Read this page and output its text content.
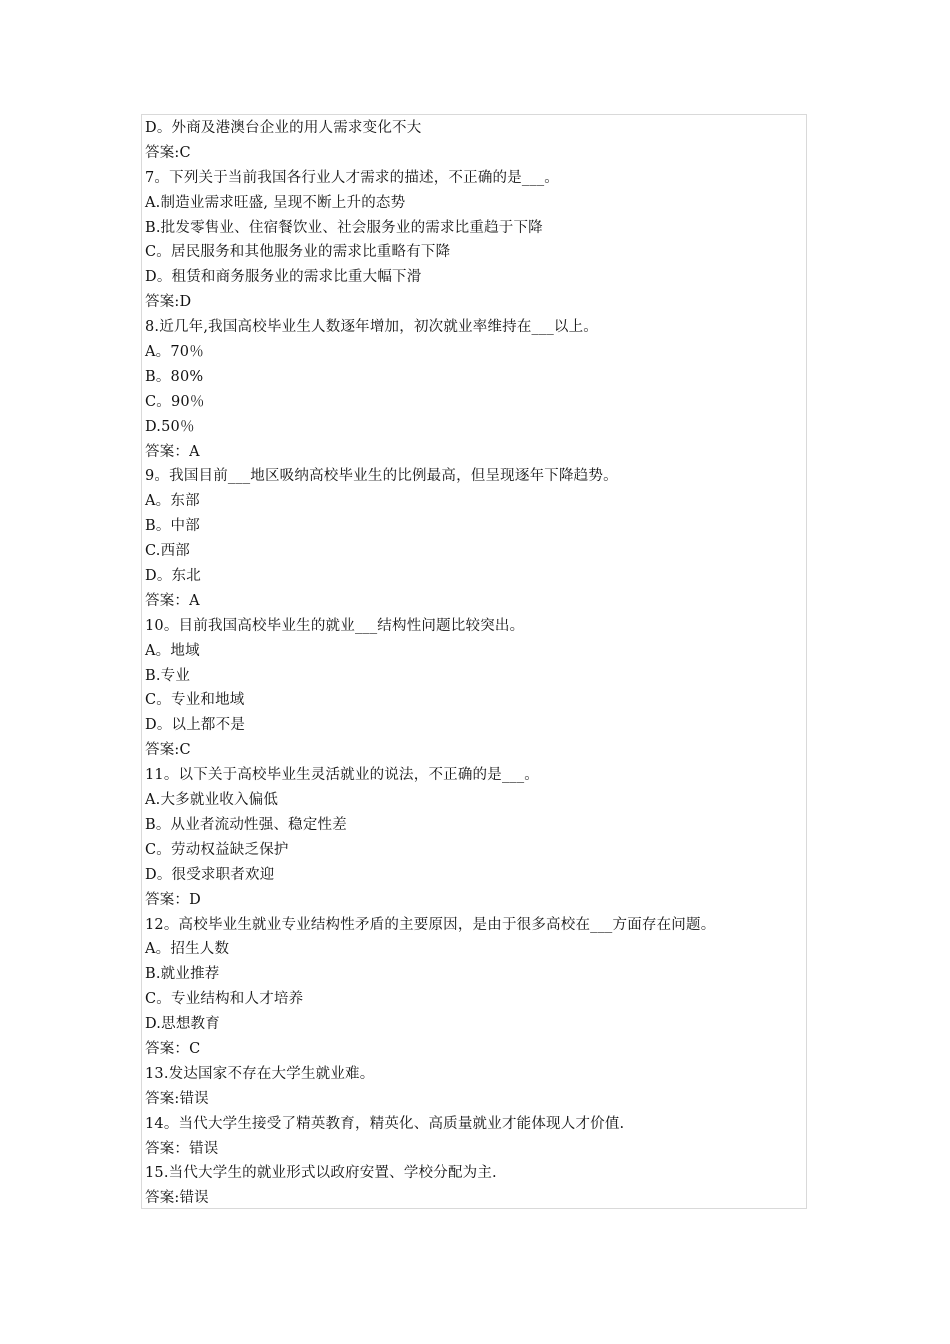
D。外商及港澳台企业的用人需求变化不大
答案:C
7。下列关于当前我国各行业人才需求的描述，不正确的是___。
A.制造业需求旺盛, 呈现不断上升的态势
B.批发零售业、住宿餐饮业、社会服务业的需求比重趋于下降
C。居民服务和其他服务业的需求比重略有下降
D。租赁和商务服务业的需求比重大幅下滑
答案:D
8.近几年,我国高校毕业生人数逐年增加，初次就业率维持在___以上。
A。70％
B。80%
C。90％
D.50％
答案：A
9。我国目前___地区吸纳高校毕业生的比例最高，但呈现逐年下降趋势。
A。东部
B。中部
C.西部
D。东北
答案：A
10。目前我国高校毕业生的就业___结构性问题比较突出。
A。地域
B.专业
C。专业和地域
D。以上都不是
答案:C
11。以下关于高校毕业生灵活就业的说法，不正确的是___。
A.大多就业收入偏低
B。从业者流动性强、稳定性差
C。劳动权益缺乏保护
D。很受求职者欢迎
答案：D
12。高校毕业生就业专业结构性矛盾的主要原因，是由于很多高校在___方面存在问题。
A。招生人数
B.就业推荐
C。专业结构和人才培养
D.思想教育
答案：C
13.发达国家不存在大学生就业难。
答案:错误
14。当代大学生接受了精英教育，精英化、高质量就业才能体现人才价值.
答案：错误
15.当代大学生的就业形式以政府安置、学校分配为主.
答案:错误
